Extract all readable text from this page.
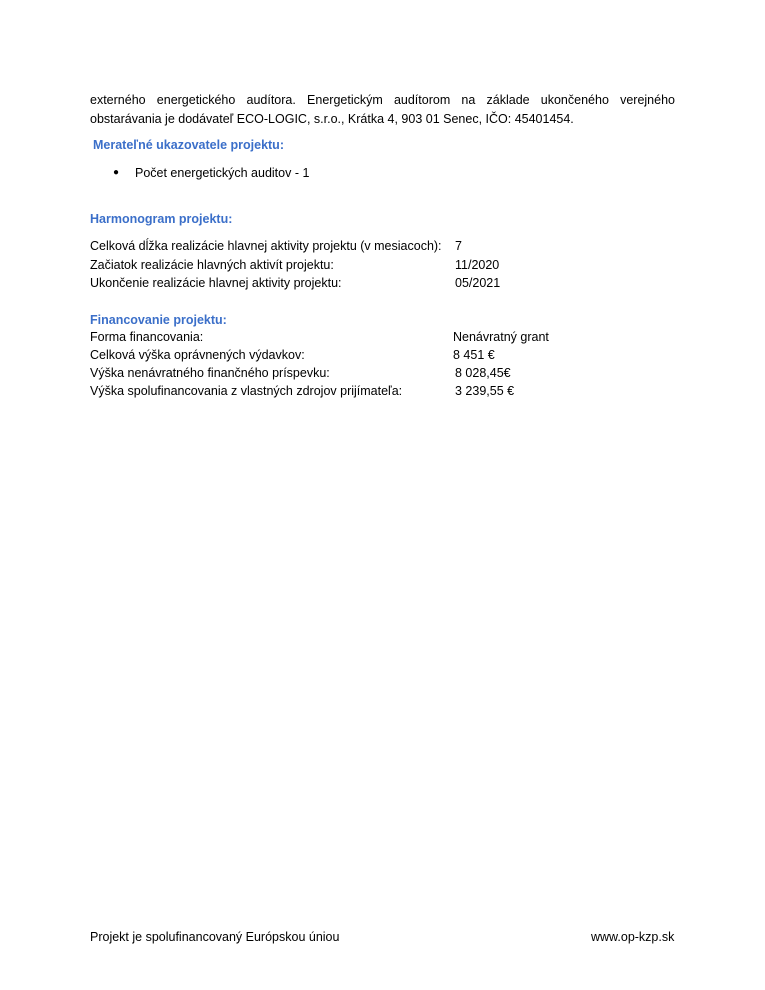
externého energetického audítora. Energetickým audítorom na základe ukončeného verejného obstarávania je dodávateľ ECO-LOGIC, s.r.o., Krátka 4, 903 01 Senec, IČO: 45401454.

Merateľné ukazovatele projektu:
● Počet energetických auditov - 1
Harmonogram projektu:
Celková dĺžka realizácie hlavnej aktivity projektu (v mesiacoch): 7
Začiatok realizácie hlavných aktivít projektu:	11/2020
Ukončenie realizácie hlavnej aktivity projektu:	05/2021
Financovanie projektu:
Forma financovania:	Nenávratný grant
Celková výška oprávnených výdavkov:	8 451 €
Výška nenávratného finančného príspevku:	8 028,45€
Výška spolufinancovania z vlastných zdrojov prijímateľa:	3 239,55 €
Projekt je spolufinancovaný Európskou úniou	www.op-kzp.sk
